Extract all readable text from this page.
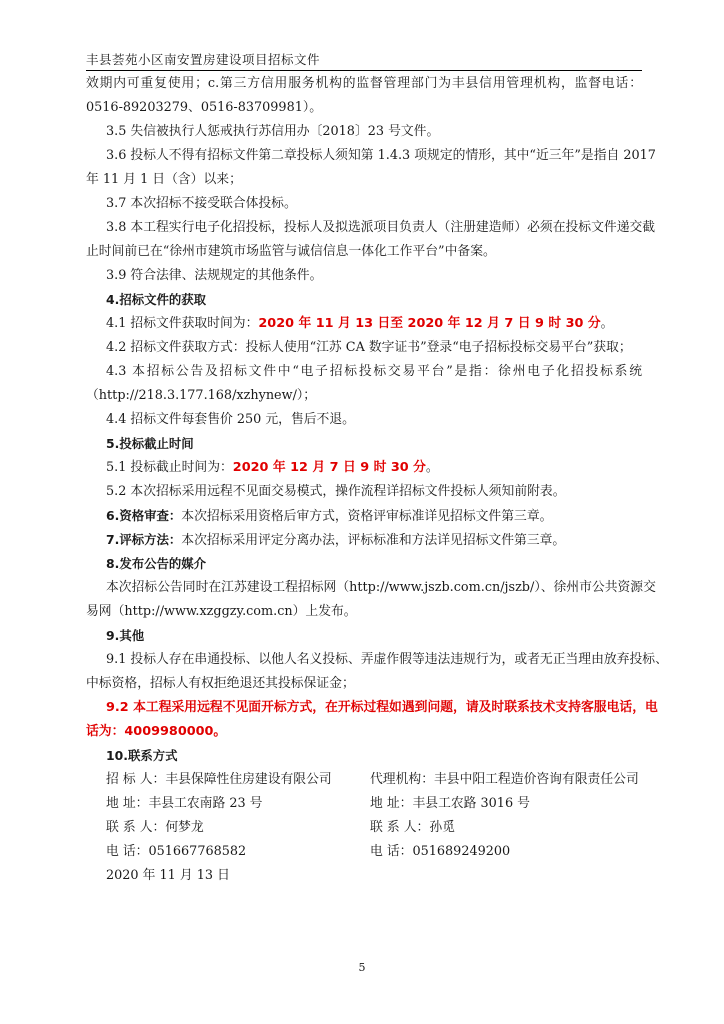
丰县荟苑小区南安置房建设项目招标文件
效期内可重复使用；c.第三方信用服务机构的监督管理部门为丰县信用管理机构，监督电话：
0516-89203279、0516-83709981）。
3.5 失信被执行人惩戒执行苏信用办〔2018〕23 号文件。
3.6 投标人不得有招标文件第二章投标人须知第 1.4.3 项规定的情形，其中“近三年”是指自 2017
年 11 月 1 日（含）以来；
3.7 本次招标不接受联合体投标。
3.8 本工程实行电子化招投标，投标人及拟选派项目负责人（注册建造师）必须在投标文件递交截
止时间前已在“徐州市建筑市场监管与诚信信息一体化工作平台”中备案。
3.9 符合法律、法规规定的其他条件。
4.招标文件的获取
4.1 招标文件获取时间为：2020 年 11 月 13 日至 2020 年 12 月 7 日 9 时 30 分。
4.2 招标文件获取方式：投标人使用“江苏 CA 数字证书”登录“电子招标投标交易平台”获取；
4.3 本招标公告及招标文件中“电子招标投标交易平台”是指：徐州电子化招投标系统
（http://218.3.177.168/xzhynew/）；
4.4 招标文件每套售价 250 元，售后不退。
5.投标截止时间
5.1 投标截止时间为：2020 年 12 月 7 日 9 时 30 分。
5.2 本次招标采用远程不见面交易模式，操作流程详招标文件投标人须知前附表。
6.资格审查：本次招标采用资格后审方式，资格评审标准详见招标文件第三章。
7.评标方法：本次招标采用评定分离办法，评标标准和方法详见招标文件第三章。
8.发布公告的媒介
本次招标公告同时在江苏建设工程招标网（http://www.jszb.com.cn/jszb/）、徐州市公共资源交
易网（http://www.xzggzy.com.cn）上发布。
9.其他
9.1 投标人存在串通投标、以他人名义投标、弄虚作假等违法违规行为，或者无正当理由放弃投标、
中标资格，招标人有权拒绝退还其投标保证金；
9.2 本工程采用远程不见面开标方式，在开标过程如遇到问题，请及时联系技术支持客服电话，电
话为：4009980000。
10.联系方式
招 标 人：丰县保障性住房建设有限公司	代理机构：丰县中阳工程造价咨询有限责任公司
地 址：丰县工农南路 23 号	地 址：丰县工农路 3016 号
联 系 人：何梦龙	联 系 人：孙觅
电 话：051667768582	电 话：051689249200
2020 年 11 月 13 日
5
